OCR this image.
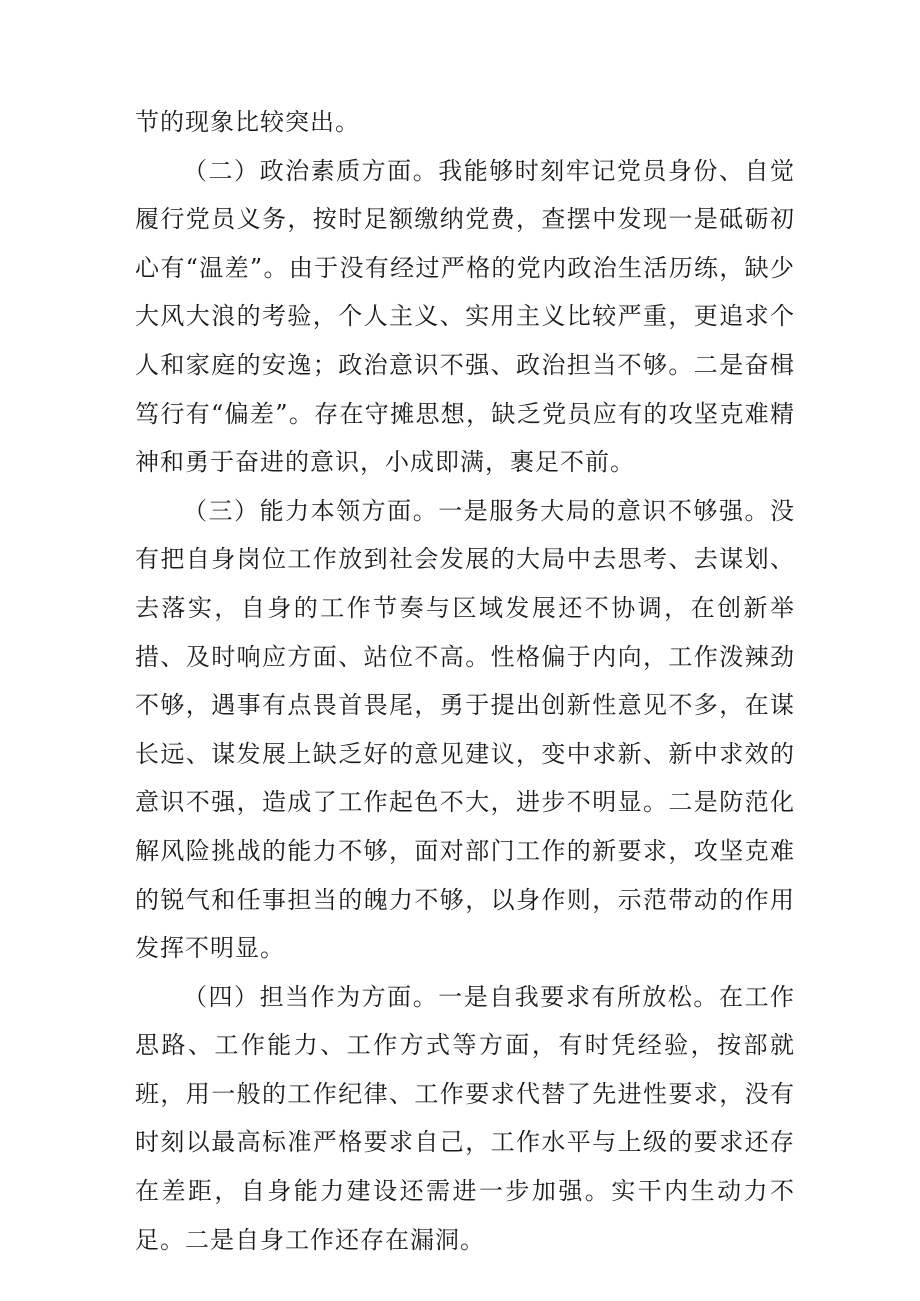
节的现象比较突出。

（二）政治素质方面。我能够时刻牢记党员身份、自觉履行党员义务，按时足额缴纳党费，查摆中发现一是砥砺初心有“温差”。由于没有经过严格的党内政治生活历练，缺少大风大浪的考验，个人主义、实用主义比较严重，更追求个人和家庭的安逸；政治意识不强、政治担当不够。二是奋楫笃行有“偏差”。存在守摊思想，缺乏党员应有的攻坚克难精神和勇于奋进的意识，小成即满，裹足不前。

（三）能力本领方面。一是服务大局的意识不够强。没有把自身岗位工作放到社会发展的大局中去思考、去谋划、去落实，自身的工作节奏与区域发展还不协调，在创新举措、及时响应方面、站位不高。性格偏于内向，工作泼辣劲不够，遇事有点畏首畏尾，勇于提出创新性意见不多，在谋长远、谋发展上缺乏好的意见建议，变中求新、新中求效的意识不强，造成了工作起色不大，进步不明显。二是防范化解风险挑战的能力不够，面对部门工作的新要求，攻坚克难的锐气和任事担当的魄力不够，以身作则，示范带动的作用发挥不明显。

（四）担当作为方面。一是自我要求有所放松。在工作思路、工作能力、工作方式等方面，有时凭经验，按部就班，用一般的工作纪律、工作要求代替了先进性要求，没有时刻以最高标准严格要求自己，工作水平与上级的要求还存在差距，自身能力建设还需进一步加强。实干内生动力不足。二是自身工作还存在漏洞。
